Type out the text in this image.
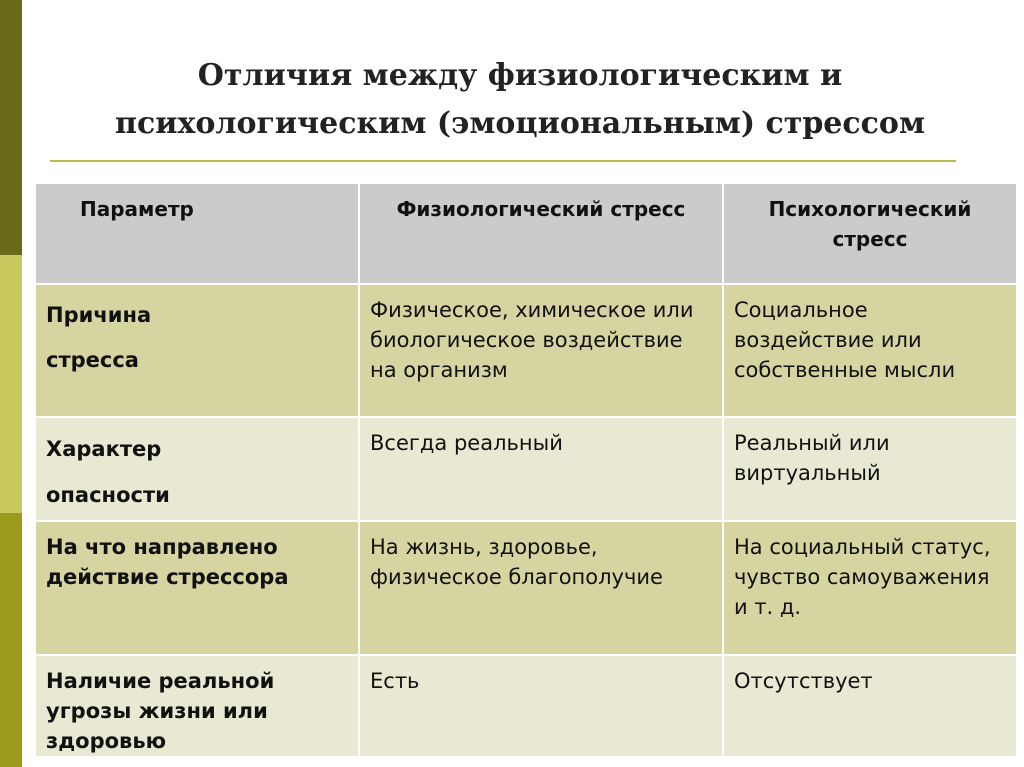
Отличия между физиологическим и
психологическим (эмоциональным) стрессом
Параметр	Физиологический стресс	Психологический стресс

Причина
стресса	Физическое, химическое или биологическое воздействие на организм	Социальное воздействие или собственные мысли

Характер
опасности	Всегда реальный	Реальный или виртуальный
На что направлено действие стрессора	На жизнь, здоровье, физическое благополучие	На социальный статус, чувство самоуважения и т. д.
Наличие реальной угрозы жизни или здоровью	Есть	Отсутствует
